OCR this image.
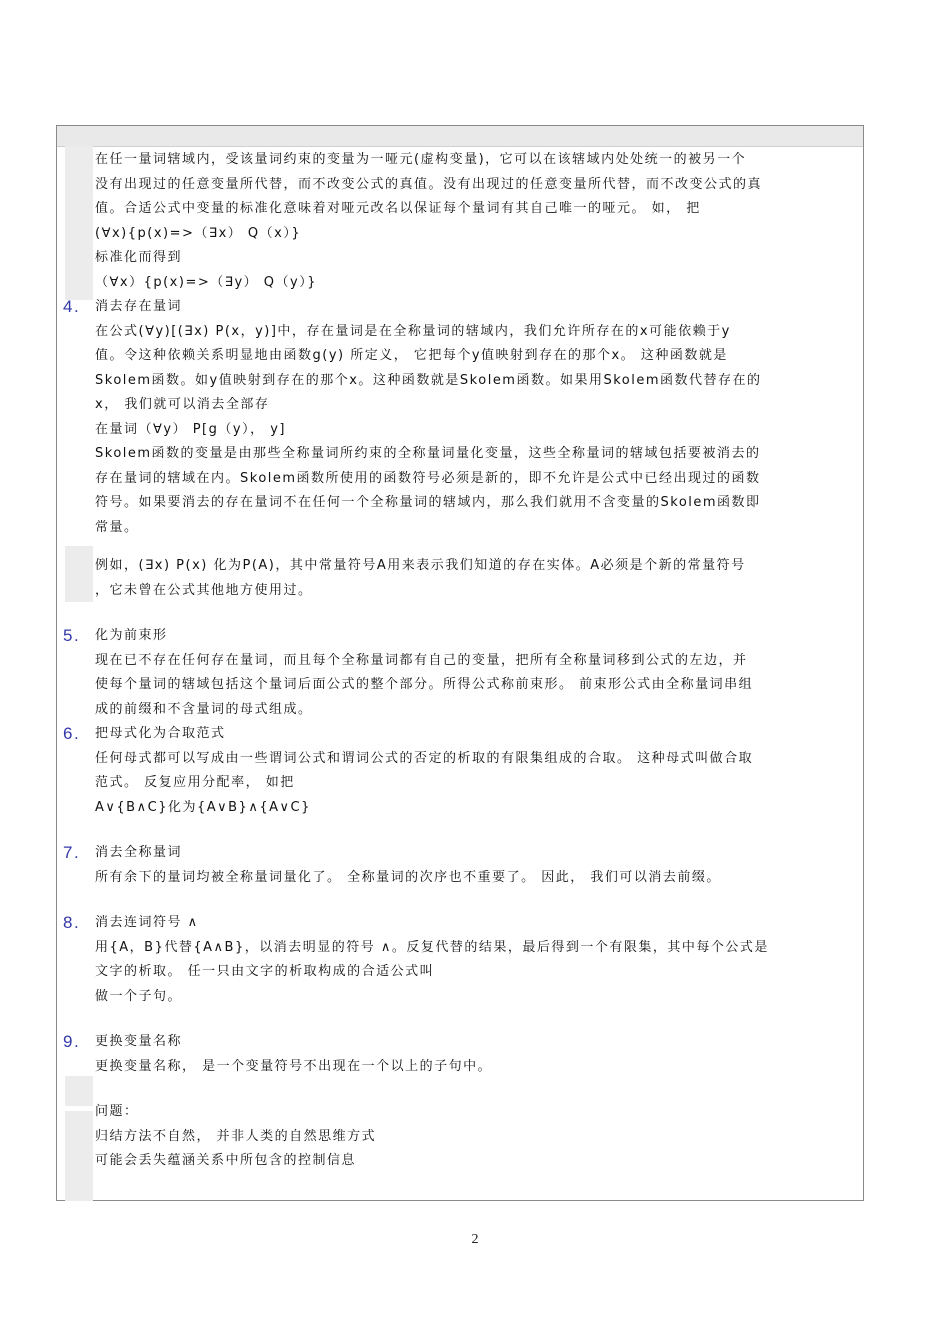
在任一量词辖域内，受该量词约束的变量为一哑元(虚构变量)，它可以在该辖域内处处统一的被另一个

没有出现过的任意变量所代替，而不改变公式的真值。没有出现过的任意变量所代替，而不改变公式的真

值。合适公式中变量的标准化意味着对哑元改名以保证每个量词有其自己唯一的哑元。 如， 把

(∀x){p(x)=>（∃x） Q（x）}

标准化而得到

（∀x）{p(x)=>（∃y） Q（y）}

4. 消去存在量词

在公式(∀y)[(∃x) P(x，y)]中，存在量词是在全称量词的辖域内，我们允许所存在的x可能依赖于y

值。令这种依赖关系明显地由函数g(y) 所定义， 它把每个y值映射到存在的那个x。 这种函数就是

Skolem函数。如y值映射到存在的那个x。这种函数就是Skolem函数。如果用Skolem函数代替存在的

x， 我们就可以消去全部存

在量词（∀y） P[g（y）， y]

Skolem函数的变量是由那些全称量词所约束的全称量词量化变量，这些全称量词的辖域包括要被消去的

存在量词的辖域在内。Skolem函数所使用的函数符号必须是新的，即不允许是公式中已经出现过的函数

符号。如果要消去的存在量词不在任何一个全称量词的辖域内，那么我们就用不含变量的Skolem函数即

常量。

例如，(∃x) P(x) 化为P(A)，其中常量符号A用来表示我们知道的存在实体。A必须是个新的常量符号

，它未曾在公式其他地方使用过。

5. 化为前束形

现在已不存在任何存在量词，而且每个全称量词都有自己的变量，把所有全称量词移到公式的左边，并

使每个量词的辖域包括这个量词后面公式的整个部分。所得公式称前束形。 前束形公式由全称量词串组

成的前缀和不含量词的母式组成。

6. 把母式化为合取范式

任何母式都可以写成由一些谓词公式和谓词公式的否定的析取的有限集组成的合取。 这种母式叫做合取

范式。 反复应用分配率， 如把

A∨{B∧C}化为{A∨B}∧{A∨C}

7. 消去全称量词

所有余下的量词均被全称量词量化了。 全称量词的次序也不重要了。 因此， 我们可以消去前缀。

8. 消去连词符号 ∧

用{A，B}代替{A∧B}，以消去明显的符号 ∧。反复代替的结果，最后得到一个有限集，其中每个公式是

文字的析取。 任一只由文字的析取构成的合适公式叫

做一个子句。

9. 更换变量名称

更换变量名称， 是一个变量符号不出现在一个以上的子句中。

问题：

归结方法不自然， 并非人类的自然思维方式

可能会丢失蕴涵关系中所包含的控制信息

2
